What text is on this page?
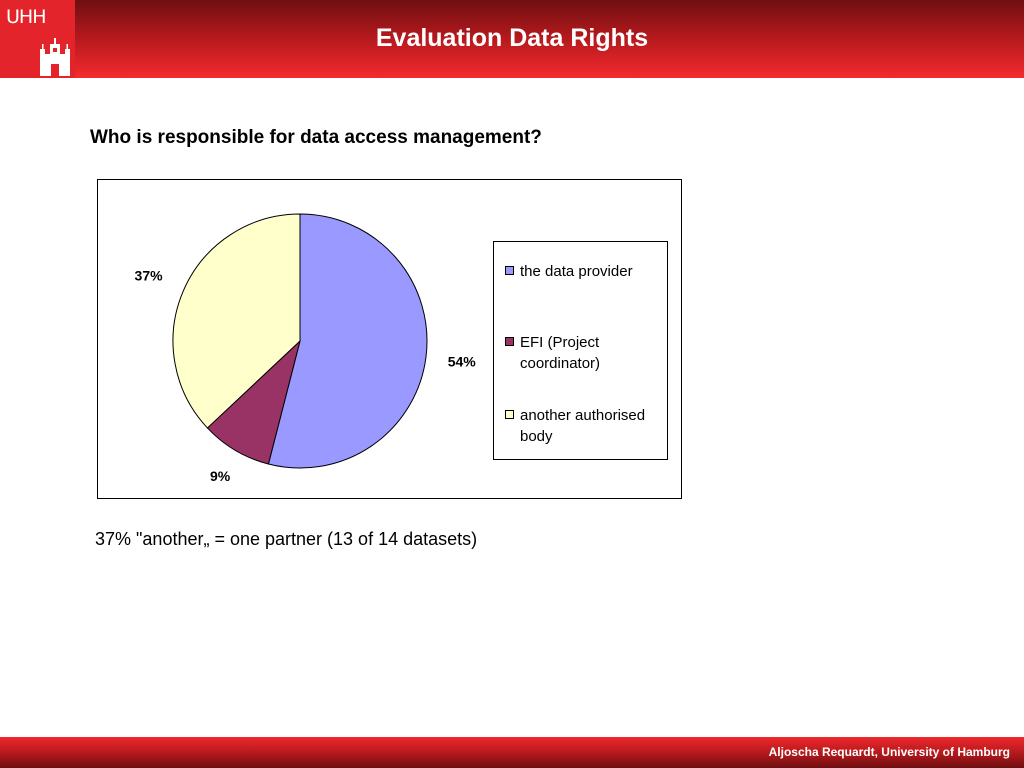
UHH
Evaluation Data Rights
Who is responsible for data access management?
54%
9%
37%	the data provider
EFI (Project coordinator)
another authorised body
37% "another„ = one partner (13 of 14 datasets)
Aljoscha Requardt, University of Hamburg
